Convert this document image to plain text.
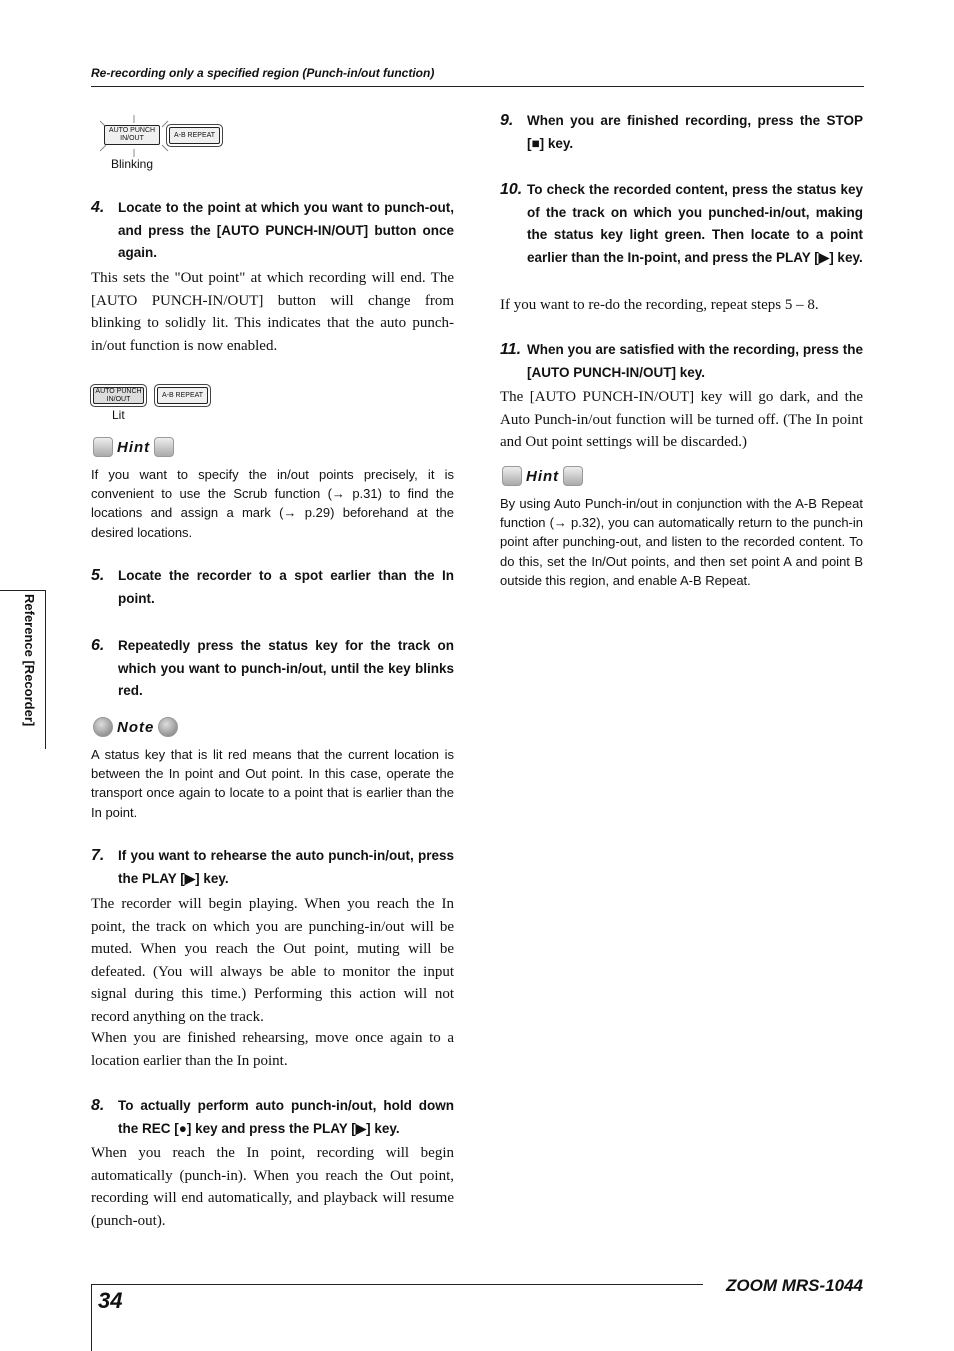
Re-recording only a specified region (Punch-in/out function)
AUTO PUNCH
IN/OUT	A-B REPEAT
Blinking
4. Locate to the point at which you want to punch-out, and press the [AUTO PUNCH-IN/OUT] button once again.
This sets the "Out point" at which recording will end. The [AUTO PUNCH-IN/OUT] button will change from blinking to solidly lit. This indicates that the auto punch-in/out function is now enabled.
AUTO PUNCH
IN/OUT
A-B REPEAT
Lit
Hint
If you want to specify the in/out points precisely, it is convenient to use the Scrub function (→ p.31) to find the locations and assign a mark (→ p.29) beforehand at the desired locations.
5. Locate the recorder to a spot earlier than the In point.
6. Repeatedly press the status key for the track on which you want to punch-in/out, until the key blinks red.
Note
A status key that is lit red means that the current location is between the In point and Out point. In this case, operate the transport once again to locate to a point that is earlier than the In point.
7. If you want to rehearse the auto punch-in/out, press the PLAY [▶] key.
The recorder will begin playing. When you reach the In point, the track on which you are punching-in/out will be muted. When you reach the Out point, muting will be defeated. (You will always be able to monitor the input signal during this time.) Performing this action will not record anything on the track.
When you are finished rehearsing, move once again to a location earlier than the In point.
8. To actually perform auto punch-in/out, hold down the REC [●] key and press the PLAY [▶] key.
When you reach the In point, recording will begin automatically (punch-in). When you reach the Out point, recording will end automatically, and playback will resume (punch-out).
9. When you are finished recording, press the STOP [■] key.
10. To check the recorded content, press the status key of the track on which you punched-in/out, making the status key light green. Then locate to a point earlier than the In-point, and press the PLAY [▶] key.
If you want to re-do the recording, repeat steps 5 – 8.
11. When you are satisfied with the recording, press the [AUTO PUNCH-IN/OUT] key.
The [AUTO PUNCH-IN/OUT] key will go dark, and the Auto Punch-in/out function will be turned off. (The In point and Out point settings will be discarded.)
Hint
By using Auto Punch-in/out in conjunction with the A-B Repeat function (→ p.32), you can automatically return to the punch-in point after punching-out, and listen to the recorded content. To do this, set the In/Out points, and then set point A and point B outside this region, and enable A-B Repeat.
Reference [Recorder]
34
ZOOM MRS-1044
